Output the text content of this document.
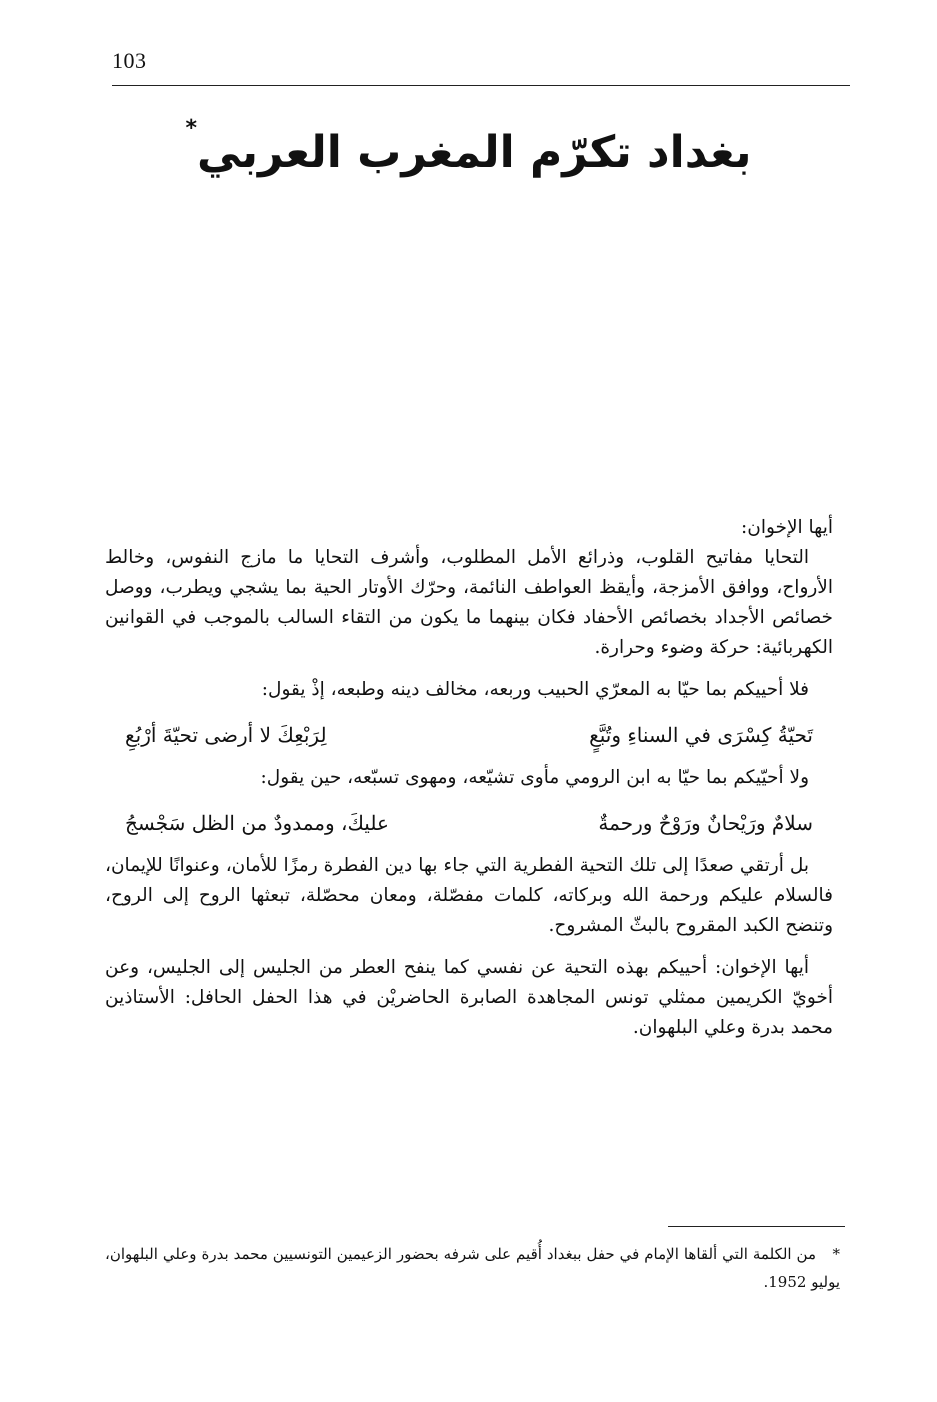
103
بغداد تكرّم المغرب العربي*

أيها الإخوان:

التحايا مفاتيح القلوب، وذرائع الأمل المطلوب، وأشرف التحايا ما مازج النفوس، وخالط الأرواح، ووافق الأمزجة، وأيقظ العواطف النائمة، وحرّك الأوتار الحية بما يشجي ويطرب، ووصل خصائص الأجداد بخصائص الأحفاد فكان بينهما ما يكون من التقاء السالب بالموجب في القوانين الكهربائية: حركة وضوء وحرارة.

فلا أحييكم بما حيّا به المعرّي الحبيب وربعه، مخالف دينه وطبعه، إذْ يقول:

تَحيّةُ كِسْرَى في السناءِ وتُبَّعٍ
لِرَبْعِكَ لا أرضى تحيّةَ أرْبُعِ

ولا أحيّيكم بما حيّا به ابن الرومي مأوى تشيّعه، ومهوى تسبّعه، حين يقول:

سلامٌ ورَيْحانٌ ورَوْحٌ ورحمةٌ
عليكَ، وممدودٌ من الظل سَجْسجُ

بل أرتقي صعدًا إلى تلك التحية الفطرية التي جاء بها دين الفطرة رمزًا للأمان، وعنوانًا للإيمان، فالسلام عليكم ورحمة الله وبركاته، كلمات مفصّلة، ومعان محصّلة، تبعثها الروح إلى الروح، وتنضح الكبد المقروح بالبثّ المشروح.

أيها الإخوان: أحييكم بهذه التحية عن نفسي كما ينفح العطر من الجليس إلى الجليس، وعن أخويّ الكريمين ممثلي تونس المجاهدة الصابرة الحاضريْن في هذا الحفل الحافل: الأستاذين محمد بدرة وعلي البلهوان.

*من الكلمة التي ألقاها الإمام في حفل ببغداد أُقيم على شرفه بحضور الزعيمين التونسيين محمد بدرة وعلي البلهوان، يوليو 1952.
